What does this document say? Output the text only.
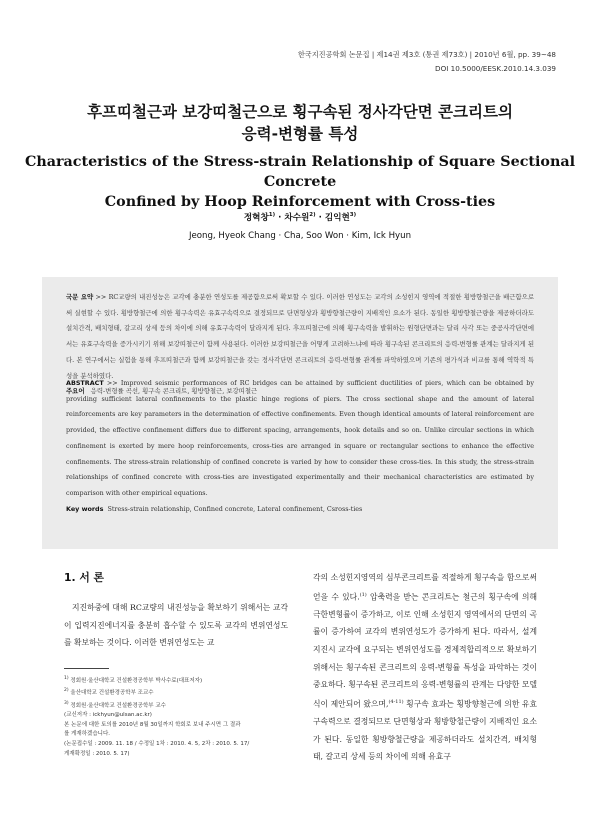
한국지진공학회 논문집 | 제14권 제3호 (통권 제73호) | 2010년 6월, pp. 39~48
DOI 10.5000/EESK.2010.14.3.039
후프띠철근과 보강띠철근으로 횡구속된 정사각단면 콘크리트의
응력-변형률 특성
Characteristics of the Stress-strain Relationship of Square Sectional Concrete
Confined by Hoop Reinforcement with Cross-ties
정혁창$^{1)}$ · 차수원$^{2)}$ · 김익현$^{3)}$
Jeong, Hyeok Chang · Cha, Soo Won · Kim, Ick Hyun

국문 요약 >> RC교량의 내진성능은 교각에 충분한 연성도를 제공함으로써 확보할 수 있다. 이러한 연성도는 교각의 소성힌지 영역에 적절한 횡방향철근을 배근함으로써 실현할 수 있다. 횡방향철근에 의한 횡구속력은 유효구속력으로 결정되므로 단면형상과 횡방향철근량이 지배적인 요소가 된다. 동일한 횡방향철근량을 제공하더라도 설치간격, 배치형태, 갈고리 상세 등의 차이에 의해 유효구속력이 달라지게 된다. 후프띠철근에 의해 횡구속력을 발휘하는 원형단면과는 달리 사각 또는 중공사각단면에서는 유효구속력을 증가시키기 위해 보강띠철근이 함께 사용된다. 이러한 보강띠철근을 어떻게 고려하느냐에 따라 횡구속된 콘크리트의 응력-변형률 관계는 달라지게 된다. 본 연구에서는 실험을 통해 후프띠철근과 함께 보강띠철근을 갖는 정사각단면 콘크리트의 응력-변형률 관계를 파악하였으며 기존의 평가식과 비교를 통해 역학적 특성을 분석하였다.
주요어 응력-변형률 곡선, 횡구속 콘크리트, 횡방향철근, 보강띠철근

ABSTRACT >> Improved seismic performances of RC bridges can be attained by sufficient ductilities of piers, which can be obtained by providing sufficient lateral confinements to the plastic hinge regions of piers. The cross sectional shape and the amount of lateral reinforcements are key parameters in the determination of effective confinements. Even though identical amounts of lateral reinforcement are provided, the effective confinement differs due to different spacing, arrangements, hook details and so on. Unlike circular sections in which confinement is exerted by mere hoop reinforcements, cross-ties are arranged in square or rectangular sections to enhance the effective confinements. The stress-strain relationship of confined concrete is varied by how to consider these cross-ties. In this study, the stress-strain relationships of confined concrete with cross-ties are investigated experimentally and their mechanical characteristics are estimated by comparison with other empirical equations.
Key words Stress-strain relationship, Confined concrete, Lateral confinement, Csross-ties

1. 서 론

지진하중에 대해 RC교량의 내진성능을 확보하기 위해서는 교각이 입력지진에너지를 충분히 흡수할 수 있도록 교각의 변위연성도를 확보하는 것이다. 이러한 변위연성도는 교

$^{1)}$ 정회원·울산대학교 건설환경공학부 박사수료(대표저자)

$^{2)}$ 울산대학교 건설환경공학부 조교수

$^{3)}$ 정회원·울산대학교 건설환경공학부 교수

(교신저자 : ickhyun@ulsan.ac.kr)

본 논문에 대한 토의를 2010년 8월 30일까지 학회로 보내 주시면 그 결과

를 게재하겠습니다.

(논문접수일 : 2009. 11. 18 / 수정일 1차 : 2010. 4. 5, 2차 : 2010. 5. 17/

게재확정일 : 2010. 5. 17)

각의 소성힌지영역의 심부콘크리트를 적절하게 횡구속을 함으로써 얻을 수 있다.$^{(1)}$ 압축력을 받는 콘크리트는 철근의 횡구속에 의해 극한변형률이 증가하고, 이로 인해 소성힌지 영역에서의 단면의 곡률이 증가하여 교각의 변위연성도가 증가하게 된다. 따라서, 설계 지진시 교각에 요구되는 변위연성도를 경제적합리적으로 확보하기 위해서는 횡구속된 콘크리트의 응력-변형률 특성을 파악하는 것이 중요하다. 횡구속된 콘크리트의 응력-변형률의 관계는 다양한 모델식이 제안되어 왔으며,$^{(4-11)}$ 횡구속 효과는 횡방향철근에 의한 유효구속력으로 결정되므로 단면형상과 횡방향철근량이 지배적인 요소가 된다. 동일한 횡방향철근량을 제공하더라도 설치간격, 배치형태, 갈고리 상세 등의 차이에 의해 유효구
